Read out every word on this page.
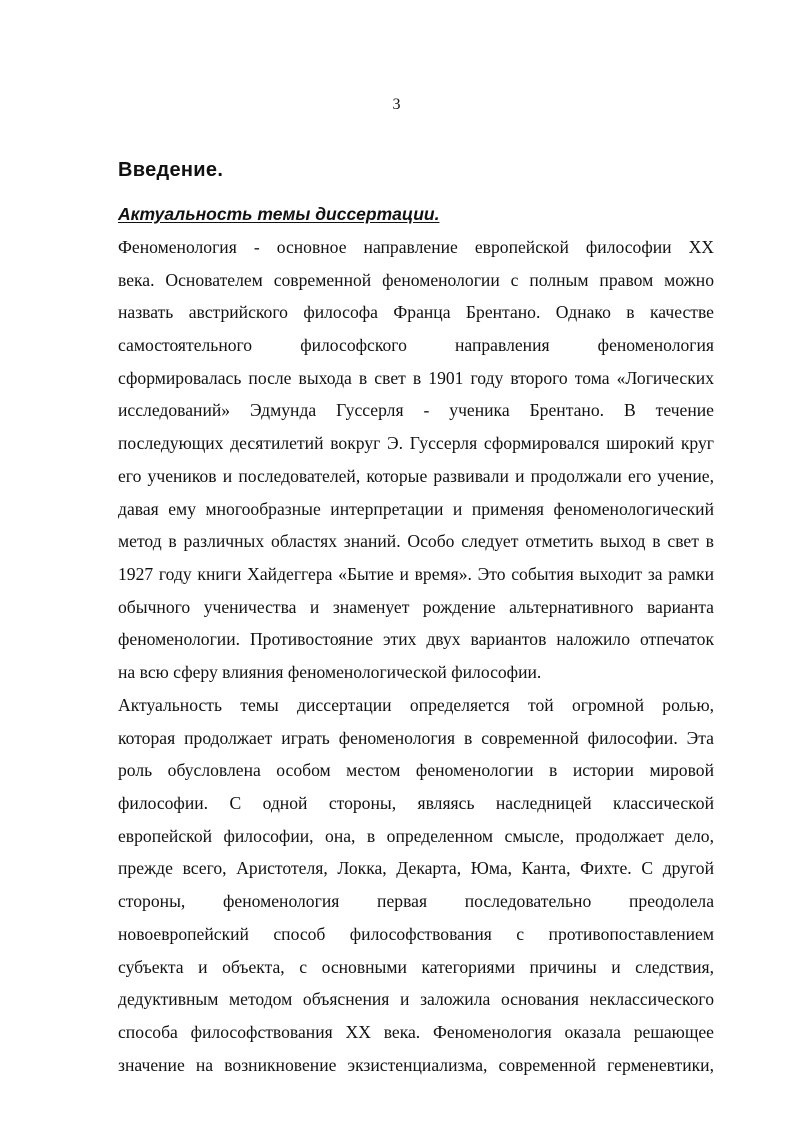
3
Введение.
Актуальность темы диссертации.
Феноменология - основное направление европейской философии XX
века. Основателем современной феноменологии с полным правом можно
назвать австрийского философа Франца Брентано. Однако в качестве
самостоятельного философского направления феноменология
сформировалась после выхода в свет в 1901 году второго тома «Логических
исследований» Эдмунда Гуссерля - ученика Брентано. В течение
последующих десятилетий вокруг Э. Гуссерля сформировался широкий круг
его учеников и последователей, которые развивали и продолжали его учение,
давая ему многообразные интерпретации и применяя феноменологический
метод в различных областях знаний. Особо следует отметить выход в свет в
1927 году книги Хайдеггера «Бытие и время». Это события выходит за рамки
обычного ученичества и знаменует рождение альтернативного варианта
феноменологии. Противостояние этих двух вариантов наложило отпечаток
на всю сферу влияния феноменологической философии.
Актуальность темы диссертации определяется той огромной ролью,
которая продолжает играть феноменология в современной философии. Эта
роль обусловлена особом местом феноменологии в истории мировой
философии. С одной стороны, являясь наследницей классической
европейской философии, она, в определенном смысле, продолжает дело,
прежде всего, Аристотеля, Локка, Декарта, Юма, Канта, Фихте. С другой
стороны, феноменология первая последовательно преодолела
новоевропейский способ философствования с противопоставлением
субъекта и объекта, с основными категориями причины и следствия,
дедуктивным методом объяснения и заложила основания неклассического
способа философствования XX века. Феноменология оказала решающее
значение на возникновение экзистенциализма, современной герменевтики,
